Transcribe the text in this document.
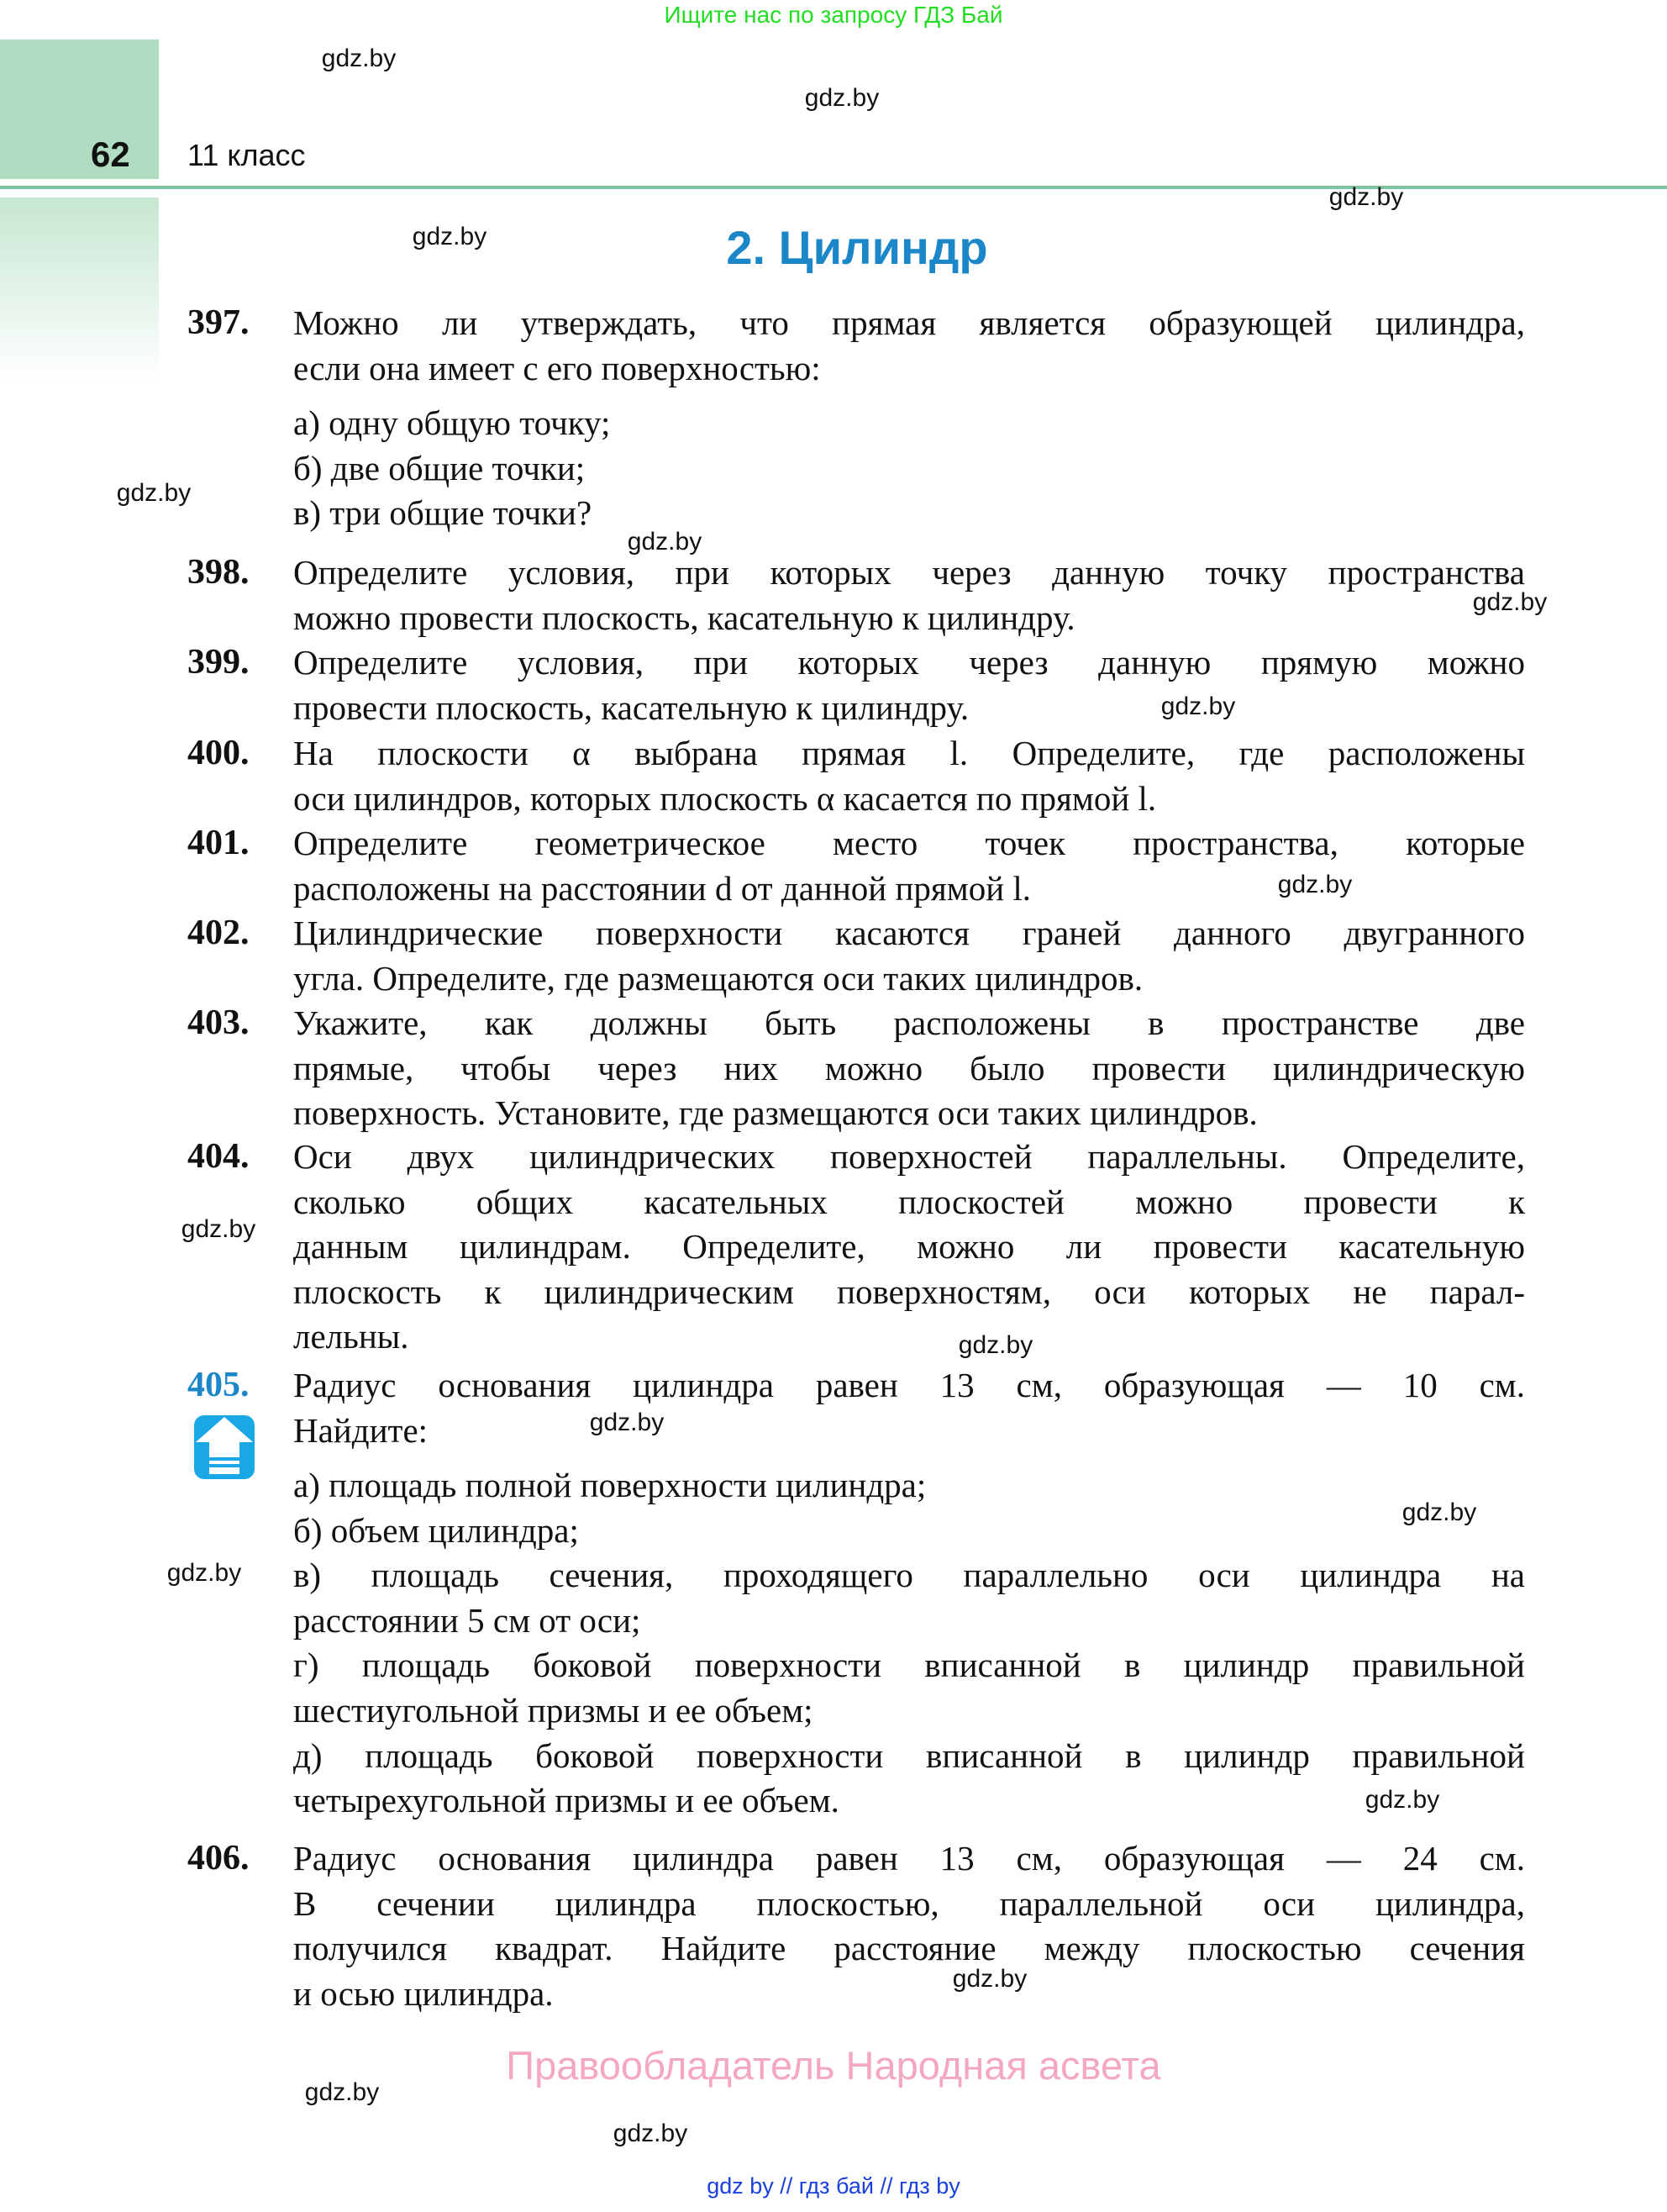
Ищите нас по запросу ГДЗ Бай
62 11 класс
2. Цилиндр
397. Можно ли утверждать, что прямая является образующей цилиндра,
если она имеет с его поверхностью:
а) одну общую точку;
б) две общие точки;
в) три общие точки?
398. Определите условия, при которых через данную точку пространства
можно провести плоскость, касательную к цилиндру.
399. Определите условия, при которых через данную прямую можно
провести плоскость, касательную к цилиндру.
400. На плоскости α выбрана прямая l. Определите, где расположены
оси цилиндров, которых плоскость α касается по прямой l.
401. Определите геометрическое место точек пространства, которые
расположены на расстоянии d от данной прямой l.
402. Цилиндрические поверхности касаются граней данного двугранного
угла. Определите, где размещаются оси таких цилиндров.
403. Укажите, как должны быть расположены в пространстве две
прямые, чтобы через них можно было провести цилиндрическую
поверхность. Установите, где размещаются оси таких цилиндров.
404. Оси двух цилиндрических поверхностей параллельны. Определите,
сколько общих касательных плоскостей можно провести к
данным цилиндрам. Определите, можно ли провести касательную
плоскость к цилиндрическим поверхностям, оси которых не парал-
лельны.
405. Радиус основания цилиндра равен 13 см, образующая — 10 см.
Найдите:
а) площадь полной поверхности цилиндра;
б) объем цилиндра;
в) площадь сечения, проходящего параллельно оси цилиндра на
расстоянии 5 см от оси;
г) площадь боковой поверхности вписанной в цилиндр правильной
шестиугольной призмы и ее объем;
д) площадь боковой поверхности вписанной в цилиндр правильной
четырехугольной призмы и ее объем.
406. Радиус основания цилиндра равен 13 см, образующая — 24 см.
В сечении цилиндра плоскостью, параллельной оси цилиндра,
получился квадрат. Найдите расстояние между плоскостью сечения
и осью цилиндра.
gdz.by
gdz.by
gdz.by
gdz.by
gdz.by
gdz.by
gdz.by
gdz.by
gdz.by
gdz.by
gdz.by
gdz.by
gdz.by
gdz.by
gdz.by
gdz.by
gdz.by
gdz.by
Правообладатель Народная асвета
gdz by // гдз бай // гдз by
